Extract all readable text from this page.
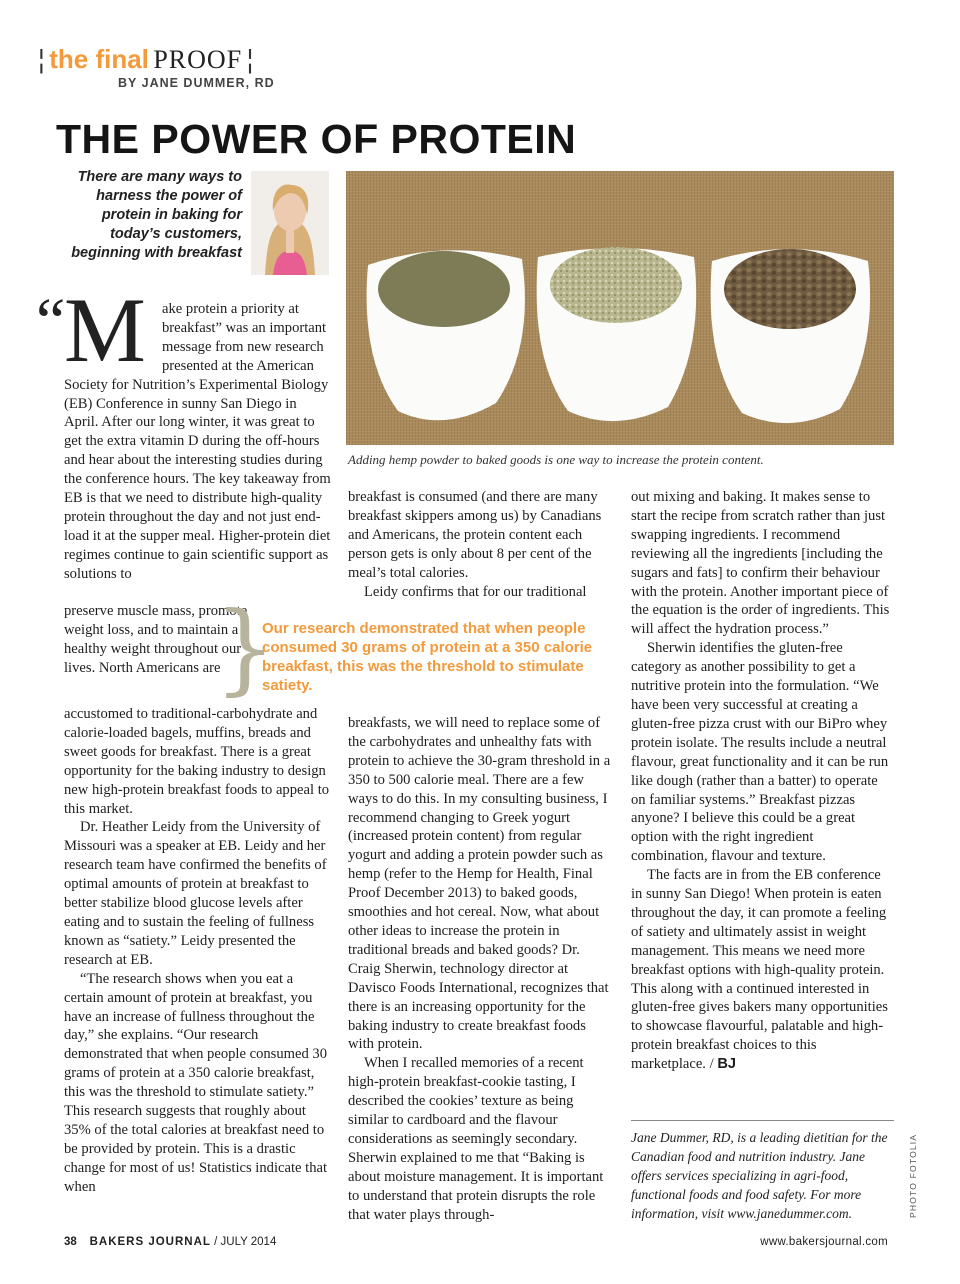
¦ the final PROOF ¦
BY JANE DUMMER, RD
THE POWER OF PROTEIN
There are many ways to harness the power of protein in baking for today’s customers, beginning with breakfast
Adding hemp powder to baked goods is one way to increase the protein content.
“
M	ake protein a priority at breakfast” was an important message from new research presented at the American Society for Nutrition’s Experimental Biology (EB) Conference in sunny San Diego in April. After our long winter, it was great to get the extra vitamin D during the off-hours and hear about the interesting studies during the conference hours. The key takeaway from EB is that we need to distribute high-quality protein throughout the day and not just end-load it at the supper meal. Higher-protein diet regimes continue to gain scientific support as solutions to

preserve muscle mass, promote weight loss, and to maintain a healthy weight throughout our lives. North Americans are

accustomed to traditional-carbohydrate and calorie-loaded bagels, muffins, breads and sweet goods for breakfast. There is a great opportunity for the baking industry to design new high-protein breakfast foods to appeal to this market.

Dr. Heather Leidy from the University of Missouri was a speaker at EB. Leidy and her research team have confirmed the benefits of optimal amounts of protein at breakfast to better stabilize blood glucose levels after eating and to sustain the feeling of fullness known as “satiety.” Leidy presented the research at EB.

“The research shows when you eat a certain amount of protein at breakfast, you have an increase of fullness throughout the day,” she explains. “Our research demonstrated that when people consumed 30 grams of protein at a 350 calorie breakfast, this was the threshold to stimulate satiety.” This research suggests that roughly about 35% of the total calories at breakfast need to be provided by protein. This is a drastic change for most of us! Statistics indicate that when

}
Our research demonstrated that when people consumed 30 grams of protein at a 350 calorie breakfast, this was the threshold to stimulate satiety.

breakfast is consumed (and there are many breakfast skippers among us) by Canadians and Americans, the protein content each person gets is only about 8 per cent of the meal’s total calories.

Leidy confirms that for our traditional

breakfasts, we will need to replace some of the carbohydrates and unhealthy fats with protein to achieve the 30-gram threshold in a 350 to 500 calorie meal. There are a few ways to do this. In my consulting business, I recommend changing to Greek yogurt (increased protein content) from regular yogurt and adding a protein powder such as hemp (refer to the Hemp for Health, Final Proof December 2013) to baked goods, smoothies and hot cereal. Now, what about other ideas to increase the protein in traditional breads and baked goods? Dr. Craig Sherwin, technology director at Davisco Foods International, recognizes that there is an increasing opportunity for the baking industry to create breakfast foods with protein.

When I recalled memories of a recent high-protein breakfast-cookie tasting, I described the cookies’ texture as being similar to cardboard and the flavour considerations as seemingly secondary. Sherwin explained to me that “Baking is about moisture management. It is important to understand that protein disrupts the role that water plays through-

out mixing and baking. It makes sense to start the recipe from scratch rather than just swapping ingredients. I recommend reviewing all the ingredients [including the sugars and fats] to confirm their behaviour with the protein. Another important piece of the equation is the order of ingredients. This will affect the hydration process.”

Sherwin identifies the gluten-free category as another possibility to get a nutritive protein into the formulation. “We have been very successful at creating a gluten-free pizza crust with our BiPro whey protein isolate. The results include a neutral flavour, great functionality and it can be run like dough (rather than a batter) to operate on familiar systems.” Breakfast pizzas anyone? I believe this could be a great option with the right ingredient combination, flavour and texture.

The facts are in from the EB conference in sunny San Diego! When protein is eaten throughout the day, it can promote a feeling of satiety and ultimately assist in weight management. This means we need more breakfast options with high-quality protein. This along with a continued interested in gluten-free gives bakers many opportunities to showcase flavourful, palatable and high-protein breakfast choices to this marketplace. / BJ

Jane Dummer, RD, is a leading dietitian for the Canadian food and nutrition industry. Jane offers services specializing in agri-food, functional foods and food safety. For more information, visit www.janedummer.com.	PHOTO FOTOLIA
38 BAKERS JOURNAL / JULY 2014	www.bakersjournal.com
